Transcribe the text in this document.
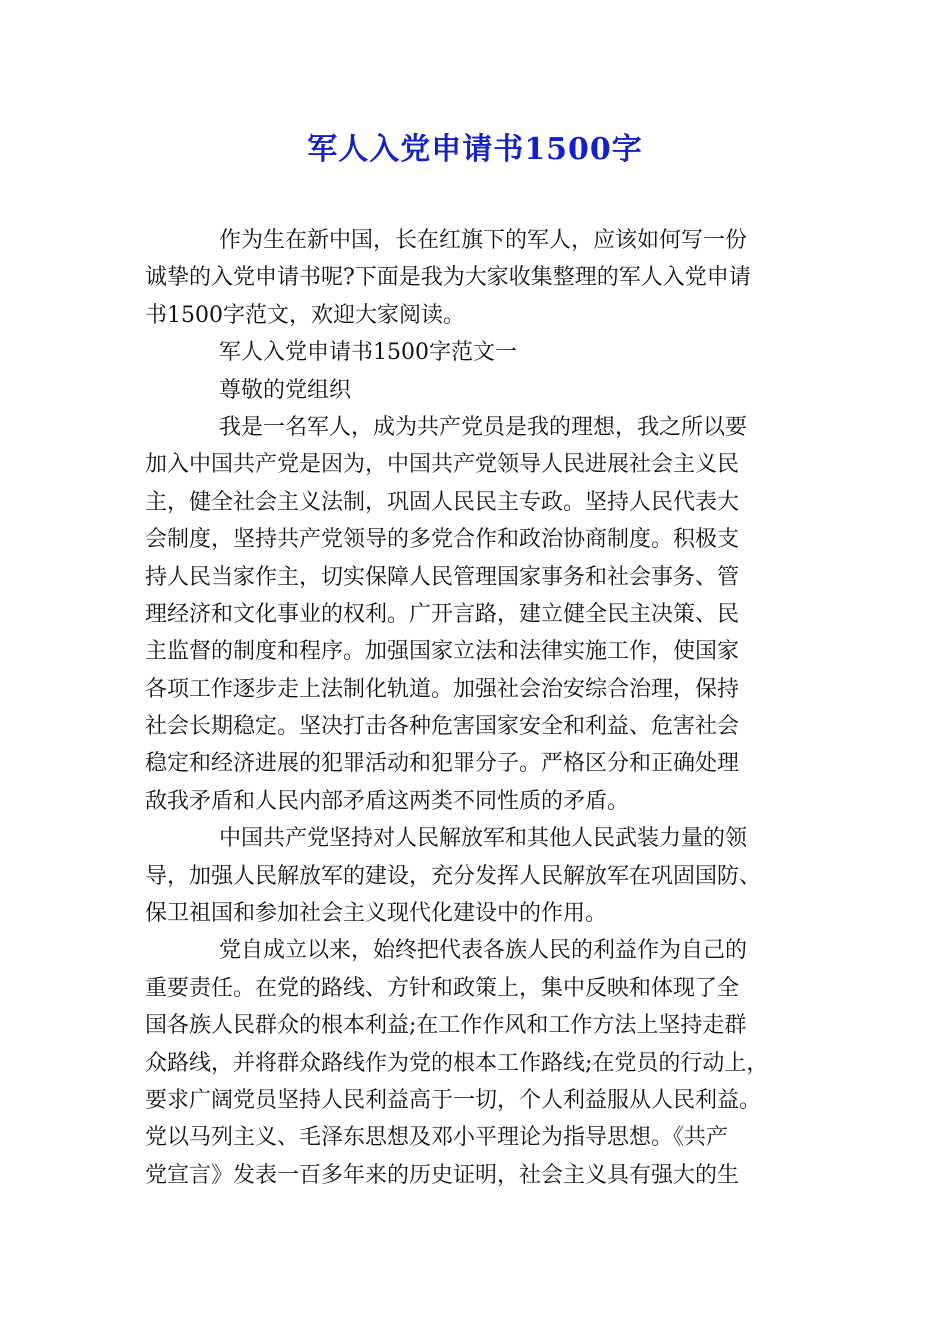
军人入党申请书1500字
作为生在新中国，长在红旗下的军人，应该如何写一份
诚挚的入党申请书呢?下面是我为大家收集整理的军人入党申请
书1500字范文，欢迎大家阅读。
军人入党申请书1500字范文一
尊敬的党组织
我是一名军人，成为共产党员是我的理想，我之所以要
加入中国共产党是因为，中国共产党领导人民进展社会主义民
主，健全社会主义法制，巩固人民民主专政。坚持人民代表大
会制度，坚持共产党领导的多党合作和政治协商制度。积极支
持人民当家作主，切实保障人民管理国家事务和社会事务、管
理经济和文化事业的权利。广开言路，建立健全民主决策、民
主监督的制度和程序。加强国家立法和法律实施工作，使国家
各项工作逐步走上法制化轨道。加强社会治安综合治理，保持
社会长期稳定。坚决打击各种危害国家安全和利益、危害社会
稳定和经济进展的犯罪活动和犯罪分子。严格区分和正确处理
敌我矛盾和人民内部矛盾这两类不同性质的矛盾。
中国共产党坚持对人民解放军和其他人民武装力量的领
导，加强人民解放军的建设，充分发挥人民解放军在巩固国防、
保卫祖国和参加社会主义现代化建设中的作用。
党自成立以来，始终把代表各族人民的利益作为自己的
重要责任。在党的路线、方针和政策上，集中反映和体现了全
国各族人民群众的根本利益;在工作作风和工作方法上坚持走群
众路线，并将群众路线作为党的根本工作路线;在党员的行动上，
要求广阔党员坚持人民利益高于一切，个人利益服从人民利益。
党以马列主义、毛泽东思想及邓小平理论为指导思想。《共产
党宣言》发表一百多年来的历史证明，社会主义具有强大的生
